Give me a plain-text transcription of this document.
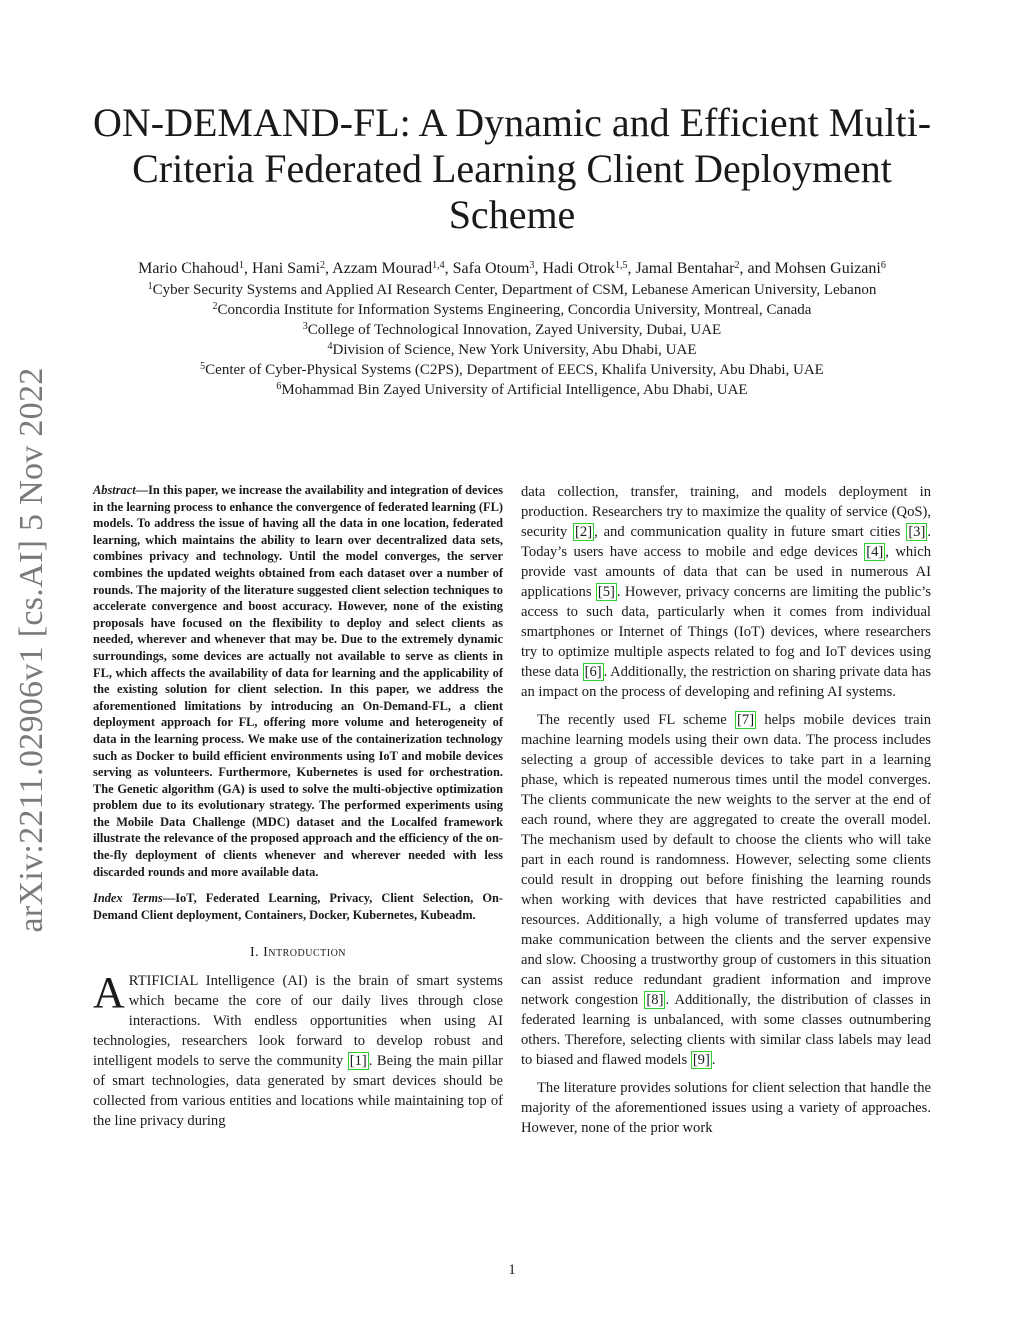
arXiv:2211.02906v1 [cs.AI] 5 Nov 2022
ON-DEMAND-FL: A Dynamic and Efficient Multi-Criteria Federated Learning Client Deployment Scheme
Mario Chahoud$^1$, Hani Sami$^2$, Azzam Mourad$^{1,4}$, Safa Otoum$^3$, Hadi Otrok$^{1,5}$, Jamal Bentahar$^2$, and Mohsen Guizani$^6$
$^1$Cyber Security Systems and Applied AI Research Center, Department of CSM, Lebanese American University, Lebanon
$^2$Concordia Institute for Information Systems Engineering, Concordia University, Montreal, Canada
$^3$College of Technological Innovation, Zayed University, Dubai, UAE
$^4$Division of Science, New York University, Abu Dhabi, UAE
$^5$Center of Cyber-Physical Systems (C2PS), Department of EECS, Khalifa University, Abu Dhabi, UAE
$^6$Mohammad Bin Zayed University of Artificial Intelligence, Abu Dhabi, UAE

Abstract—In this paper, we increase the availability and integration of devices in the learning process to enhance the convergence of federated learning (FL) models. To address the issue of having all the data in one location, federated learning, which maintains the ability to learn over decentralized data sets, combines privacy and technology. Until the model converges, the server combines the updated weights obtained from each dataset over a number of rounds. The majority of the literature suggested client selection techniques to accelerate convergence and boost accuracy. However, none of the existing proposals have focused on the flexibility to deploy and select clients as needed, wherever and whenever that may be. Due to the extremely dynamic surroundings, some devices are actually not available to serve as clients in FL, which affects the availability of data for learning and the applicability of the existing solution for client selection. In this paper, we address the aforementioned limitations by introducing an On-Demand-FL, a client deployment approach for FL, offering more volume and heterogeneity of data in the learning process. We make use of the containerization technology such as Docker to build efficient environments using IoT and mobile devices serving as volunteers. Furthermore, Kubernetes is used for orchestration. The Genetic algorithm (GA) is used to solve the multi-objective optimization problem due to its evolutionary strategy. The performed experiments using the Mobile Data Challenge (MDC) dataset and the Localfed framework illustrate the relevance of the proposed approach and the efficiency of the on-the-fly deployment of clients whenever and wherever needed with less discarded rounds and more available data.

Index Terms—IoT, Federated Learning, Privacy, Client Selection, On-Demand Client deployment, Containers, Docker, Kubernetes, Kubeadm.

I. Introduction

ARTIFICIAL Intelligence (AI) is the brain of smart systems which became the core of our daily lives through close interactions. With endless opportunities when using AI technologies, researchers look forward to develop robust and intelligent models to serve the community [1] . Being the main pillar of smart technologies, data generated by smart devices should be collected from various entities and locations while maintaining top of the line privacy during

data collection, transfer, training, and models deployment in production. Researchers try to maximize the quality of service (QoS), security [2] , and communication quality in future smart cities [3] . Today’s users have access to mobile and edge devices [4] , which provide vast amounts of data that can be used in numerous AI applications [5] . However, privacy concerns are limiting the public’s access to such data, particularly when it comes from individual smartphones or Internet of Things (IoT) devices, where researchers try to optimize multiple aspects related to fog and IoT devices using these data [6] . Additionally, the restriction on sharing private data has an impact on the process of developing and refining AI systems.

The recently used FL scheme [7] helps mobile devices train machine learning models using their own data. The process includes selecting a group of accessible devices to take part in a learning phase, which is repeated numerous times until the model converges. The clients communicate the new weights to the server at the end of each round, where they are aggregated to create the overall model. The mechanism used by default to choose the clients who will take part in each round is randomness. However, selecting some clients could result in dropping out before finishing the learning rounds when working with devices that have restricted capabilities and resources. Additionally, a high volume of transferred updates may make communication between the clients and the server expensive and slow. Choosing a trustworthy group of customers in this situation can assist reduce redundant gradient information and improve network congestion [8] . Additionally, the distribution of classes in federated learning is unbalanced, with some classes outnumbering others. Therefore, selecting clients with similar class labels may lead to biased and flawed models [9] .

The literature provides solutions for client selection that handle the majority of the aforementioned issues using a variety of approaches. However, none of the prior work

1
